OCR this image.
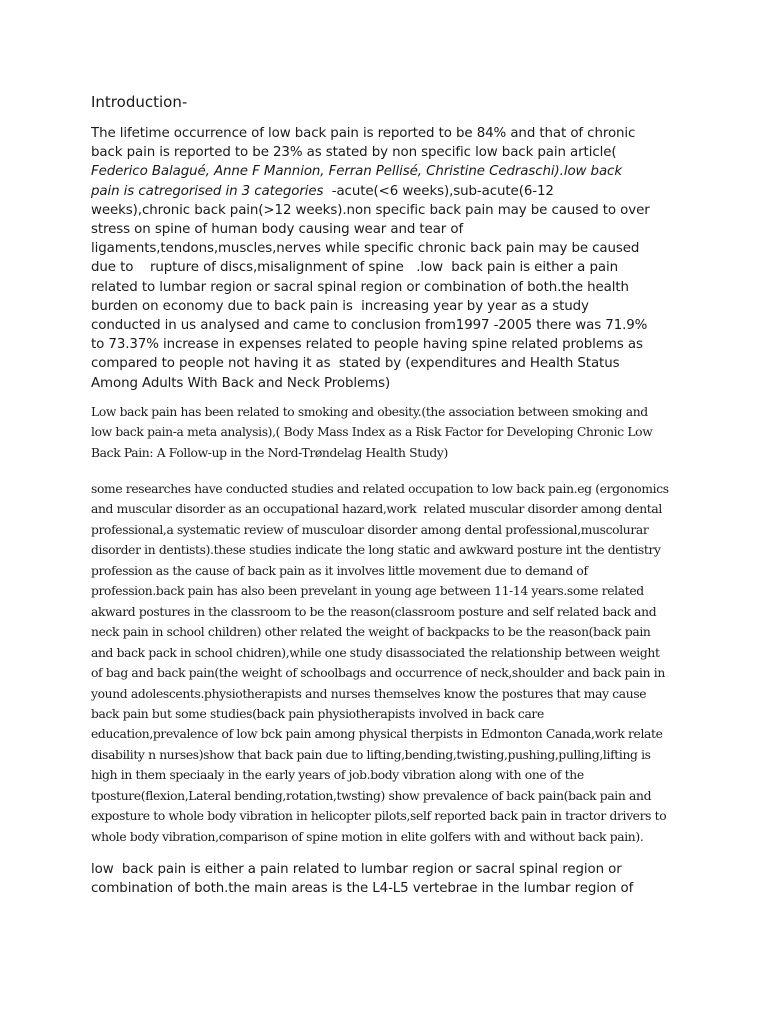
Introduction-
The lifetime occurrence of low back pain is reported to be 84% and that of chronic
back pain is reported to be 23% as stated by non specific low back pain article(
Federico Balagué, Anne F Mannion, Ferran Pellisé, Christine Cedraschi).low back
pain is catregorised in 3 categories  -acute(<6 weeks),sub-acute(6-12
weeks),chronic back pain(>12 weeks).non specific back pain may be caused to over
stress on spine of human body causing wear and tear of
ligaments,tendons,muscles,nerves while specific chronic back pain may be caused
due to    rupture of discs,misalignment of spine   .low  back pain is either a pain
related to lumbar region or sacral spinal region or combination of both.the health
burden on economy due to back pain is  increasing year by year as a study
conducted in us analysed and came to conclusion from1997 -2005 there was 71.9%
to 73.37% increase in expenses related to people having spine related problems as
compared to people not having it as  stated by (expenditures and Health Status
Among Adults With Back and Neck Problems)
Low back pain has been related to smoking and obesity.(the association between smoking and
low back pain-a meta analysis),( Body Mass Index as a Risk Factor for Developing Chronic Low
Back Pain: A Follow-up in the Nord-Trøndelag Health Study)
some researches have conducted studies and related occupation to low back pain.eg (ergonomics
and muscular disorder as an occupational hazard,work  related muscular disorder among dental
professional,a systematic review of musculoar disorder among dental professional,muscolurar
disorder in dentists).these studies indicate the long static and awkward posture int the dentistry
profession as the cause of back pain as it involves little movement due to demand of
profession.back pain has also been prevelant in young age between 11-14 years.some related
akward postures in the classroom to be the reason(classroom posture and self related back and
neck pain in school children) other related the weight of backpacks to be the reason(back pain
and back pack in school chidren),while one study disassociated the relationship between weight
of bag and back pain(the weight of schoolbags and occurrence of neck,shoulder and back pain in
yound adolescents.physiotherapists and nurses themselves know the postures that may cause
back pain but some studies(back pain physiotherapists involved in back care
education,prevalence of low bck pain among physical therpists in Edmonton Canada,work relate
disability n nurses)show that back pain due to lifting,bending,twisting,pushing,pulling,lifting is
high in them speciaaly in the early years of job.body vibration along with one of the
tposture(flexion,Lateral bending,rotation,twsting) show prevalence of back pain(back pain and
exposture to whole body vibration in helicopter pilots,self reported back pain in tractor drivers to
whole body vibration,comparison of spine motion in elite golfers with and without back pain).
low  back pain is either a pain related to lumbar region or sacral spinal region or
combination of both.the main areas is the L4-L5 vertebrae in the lumbar region of
